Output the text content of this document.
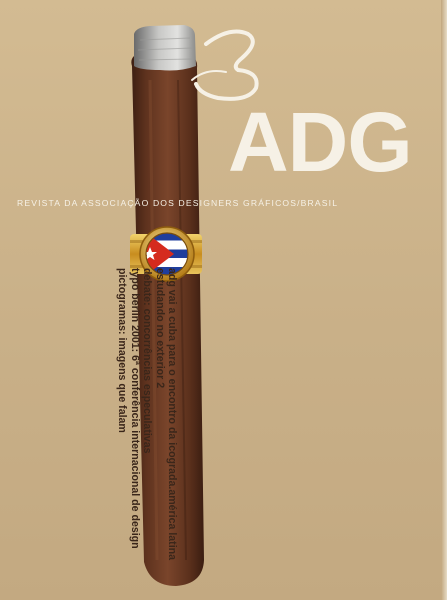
ADG
REVISTA DA ASSOCIAÇÃO DOS DESIGNERS GRÁFICOS/BRASIL
adg vai a cuba para o encontro da icograda.américa latina
estudando no exterior 2
debate: concorrências especulativas
typo berlin 2001: 6ª conferência internacional de design
pictogramas: imagens que falam
